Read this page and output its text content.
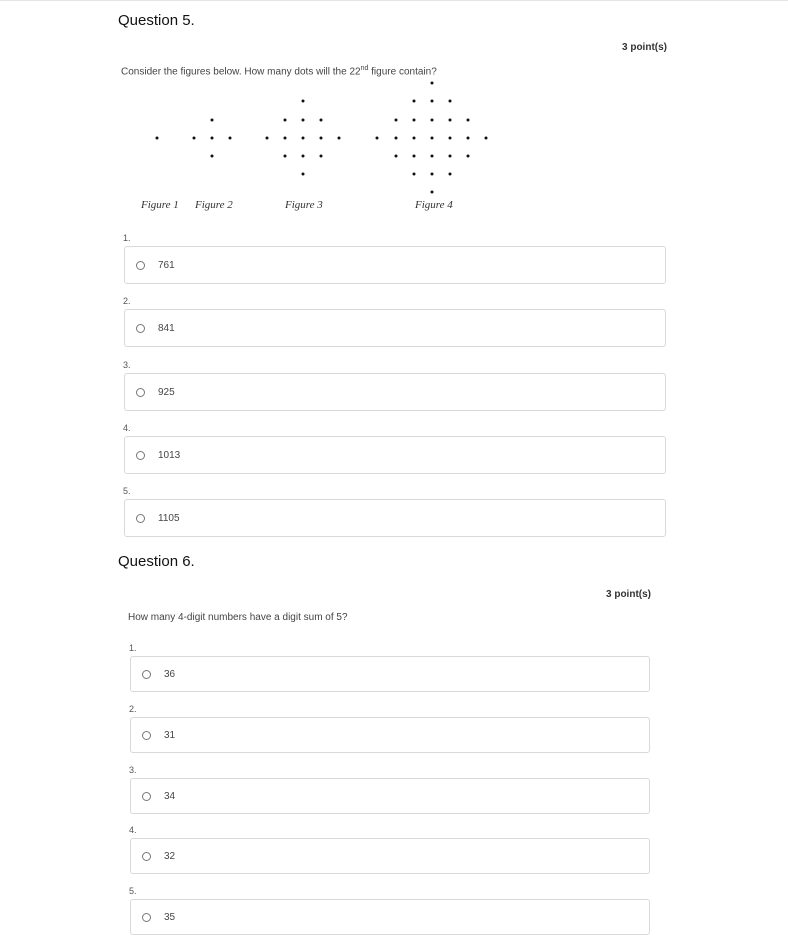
Question 5.
3 point(s)
Consider the figures below. How many dots will the 22nd figure contain?
Figure 1 Figure 2	Figure 3	Figure 4
1.
761
2.
841
3.
925
4.
1013
5.
1105
Question 6.
3 point(s)
How many 4-digit numbers have a digit sum of 5?
1.
36
2.
31
3.
34
4.
32
5.
35
